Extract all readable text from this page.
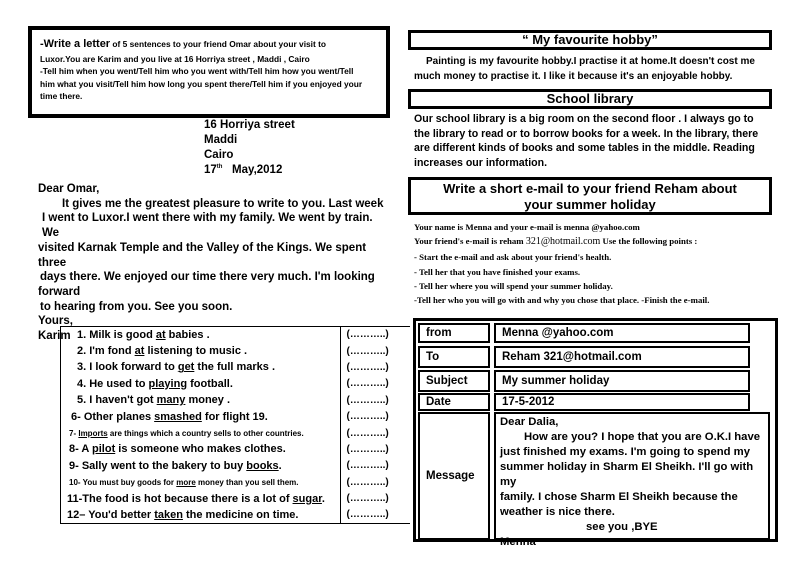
-Write a letter of 5 sentences to your friend Omar about your visit to
Luxor.You are Karim and you live at 16 Horriya street , Maddi , Cairo
-Tell him when you went/Tell him who you went with/Tell him how you went/Tell
him what you visit/Tell him how long you spent there/Tell him if you enjoyed your
time there.
16 Horriya street
Maddi
Cairo
17th   May,2012
Dear Omar,
It gives me the greatest pleasure to write to you. Last week
I went to Luxor.I went there with my family. We went by train. We
visited Karnak Temple and the Valley of the Kings. We spent three
days there. We enjoyed our time there very much. I'm looking
forward
to hearing from you. See you soon.
Yours,
Karim 1. Milk is good at babies .	(………..)
2. I'm fond at listening to music .	(………..)
3. I look forward to get the full marks .	(………..)
4. He used to playing football.	(………..)
5. I haven't got many money .	(………..)
6- Other planes smashed for flight 19.	(………..)
7- Imports are things which a country sells to other countries.	(………..)
8- A pilot is someone who makes clothes.	(………..)
9- Sally went to the bakery to buy books.	(………..)
10- You must buy goods for more money than you sell them.	(………..)
11-The food is hot because there is a lot of sugar.	(………..)
12– You'd better taken the medicine on time.	(………..)
“ My favourite hobby”
Painting is my favourite hobby.I practise it at home.It doesn't cost me
much money to practise it. I like it because it's an enjoyable hobby.
School library
Our school library is a big room on the second floor . I always go to
the library to read or to borrow books for a week. In the library, there
are different kinds of books and some tables in the middle. Reading
increases our information.
Write a short e-mail to your friend Reham about
your summer holiday
Your name is Menna and your e-mail is menna @yahoo.com
Your friend's e-mail is reham 321@hotmail.com Use the following points :
- Start the e-mail and ask about your friend's health.
- Tell her that you have finished your exams.
- Tell her where you will spend your summer holiday.
-Tell her who you will go with and why you chose that place. -Finish the e-mail.
from	Menna @yahoo.com
To	Reham 321@hotmail.com
Subject	My summer holiday
Date	17-5-2012
Message
Dear Dalia,
How are you? I hope that you are O.K.I have
just finished my exams. I'm going to spend my
summer holiday in Sharm El Sheikh. I'll go with my
family. I chose Sharm El Sheikh because the
weather is nice there.
see you ,BYE
Menna
